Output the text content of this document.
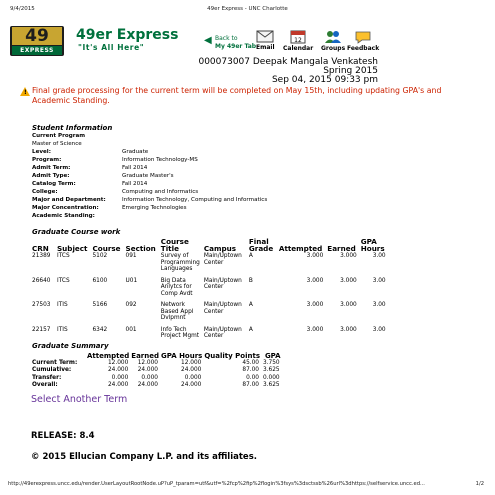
9/4/2015	49er Express - UNC Charlotte
49
EXPRESS
49er Express
"It's All Here"
◀ Back to
My 49er Tab Email
12
Calendar Groups Feedback
000073007 Deepak Mangala Venkatesh
Spring 2015
Sep 04, 2015 09:33 pm
! Final grade processing for the current term will be completed on May 15th, including updating GPA's and Academic Standing.
Student Information
Current Program
Master of Science
Level:	Graduate
Program:	Information Technology-MS
Admit Term:	Fall 2014
Admit Type:	Graduate Master's
Catalog Term:	Fall 2014
College:	Computing and Informatics
Major and Department:	Information Technology, Computing and Informatics
Major Concentration:	Emerging Technologies
Academic Standing:
Graduate Course work
CRN	Subject	Course	Section	Course Title	Campus	Final Grade	Attempted	Earned	GPA Hours
21389	ITCS	5102	091	Survey of Programming Languages	Main/Uptown Center	A	3.000	3.000	3.00

26640	ITCS	6100	U01	Big Data Anlytcs for Comp Avdt	Main/Uptown Center	B	3.000	3.000	3.00

27503	ITIS	5166	092	Network Based Appl Dvlpmnt	Main/Uptown Center	A	3.000	3.000	3.00

22157	ITIS	6342	001	Info Tech Project Mgmt	Main/Uptown Center	A	3.000	3.000	3.00
Graduate Summary
	Attempted	Earned	GPA Hours	Quality Points	GPA
Current Term:	12.000	12.000	12.000	45.00	3.750
Cumulative:	24.000	24.000	24.000	87.00	3.625
Transfer:	0.000	0.000	0.000	0.00	0.000
Overall:	24.000	24.000	24.000	87.00	3.625
Select Another Term
RELEASE: 8.4
© 2015 Ellucian Company L.P. and its affiliates.
http://49erexpress.uncc.edu/render.UserLayoutRootNode.uP?uP_tparam=utf&utf=%2fcp%2fip%2flogin%3fsys%3dsctssb%26url%3dhttps://selfservice.uncc.ed...	1/2
